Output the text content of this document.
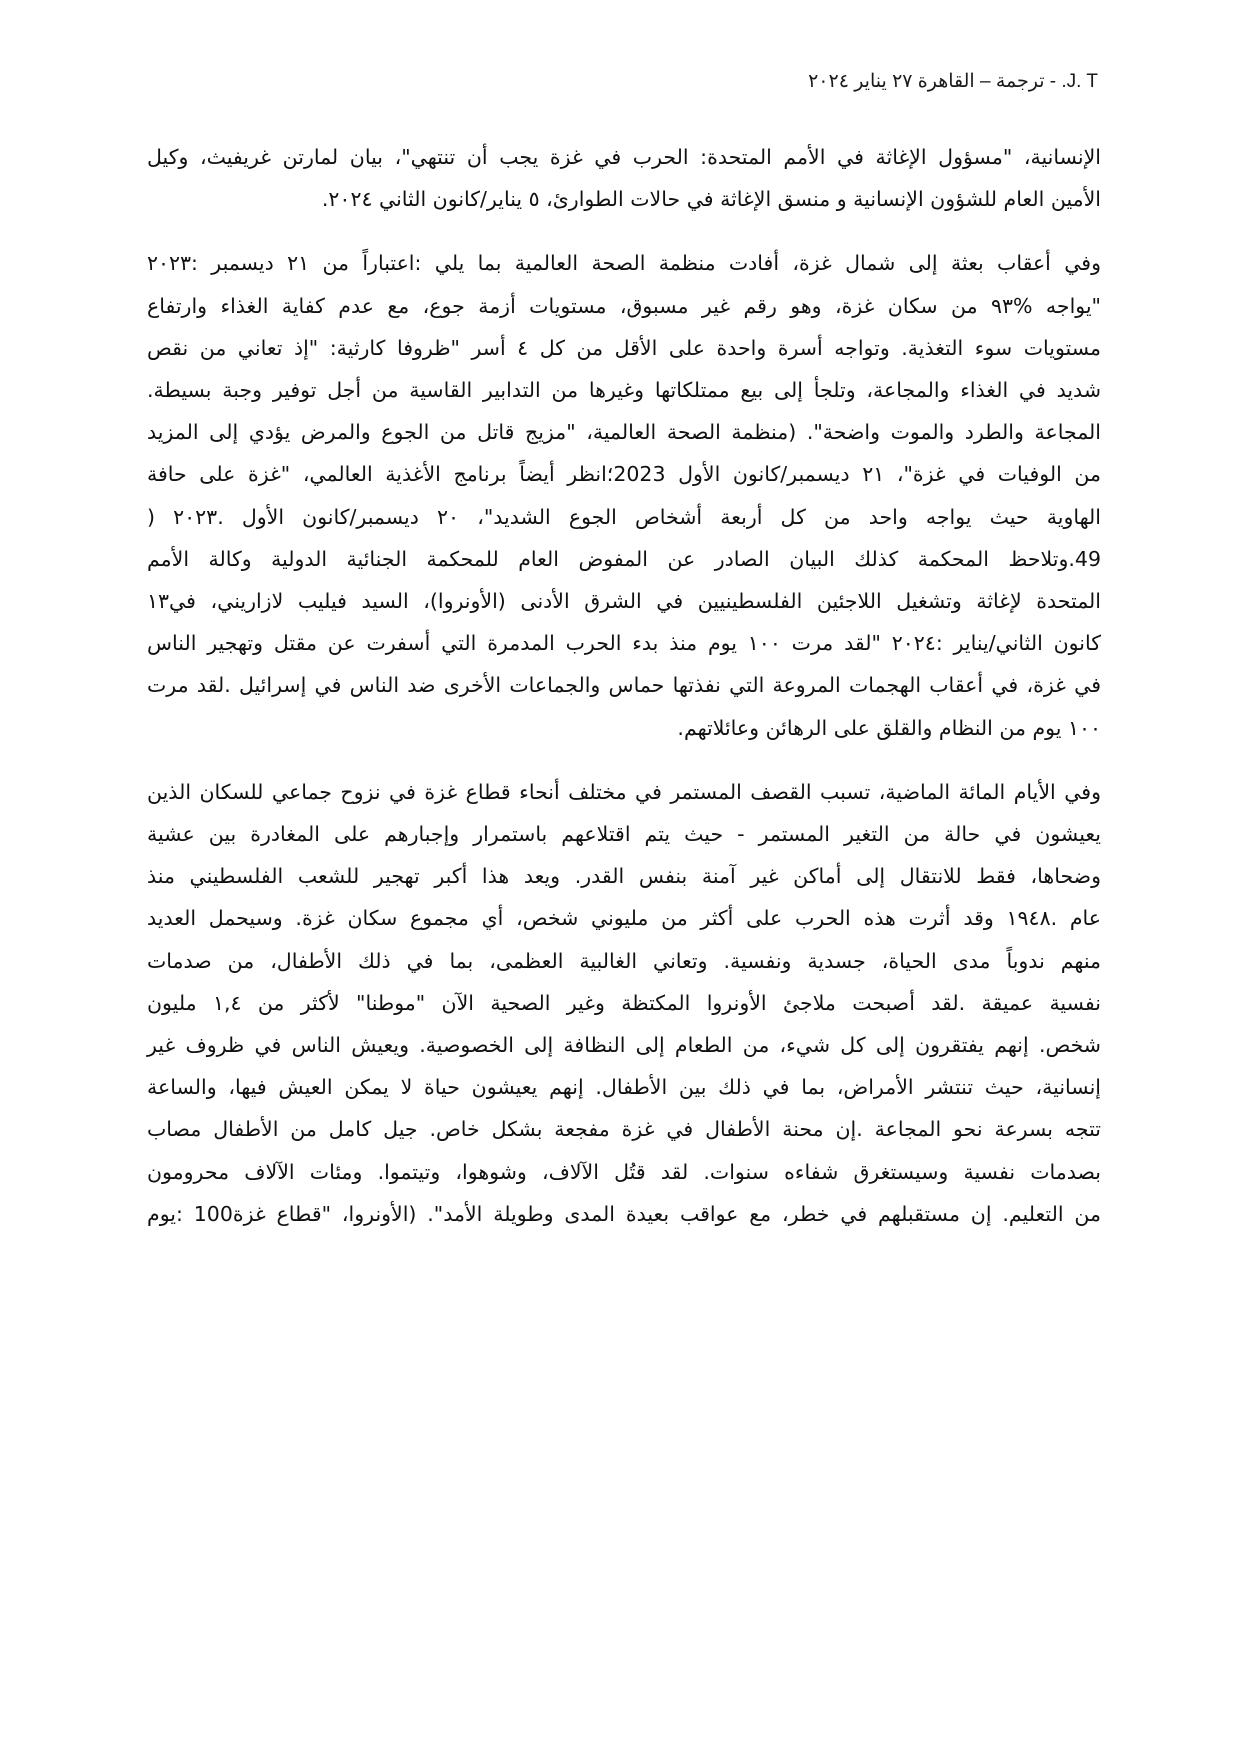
J. T. - ترجمة – القاهرة ٢٧ يناير ٢٠٢٤

الإنسانية، "مسؤول الإغاثة في الأمم المتحدة: الحرب في غزة يجب أن تنتهي"، بيان لمارتن غريفيث، وكيل
الأمين العام للشؤون الإنسانية و منسق الإغاثة في حالات الطوارئ، ٥ يناير/كانون الثاني ٢٠٢٤.

وفي أعقاب بعثة إلى شمال غزة، أفادت منظمة الصحة العالمية بما يلي :اعتباراً من ٢١ ديسمبر :٢٠٢٣
"يواجه %٩٣ من سكان غزة، وهو رقم غير مسبوق، مستويات أزمة جوع، مع عدم كفاية الغذاء وارتفاع
مستويات سوء التغذية. وتواجه أسرة واحدة على الأقل من كل ٤ أسر "ظروفا كارثية: "إذ تعاني من نقص
شديد في الغذاء والمجاعة، وتلجأ إلى بيع ممتلكاتها وغيرها من التدابير القاسية من أجل توفير وجبة بسيطة.
المجاعة والطرد والموت واضحة". (منظمة الصحة العالمية، "مزيج قاتل من الجوع والمرض يؤدي إلى المزيد
من الوفيات في غزة"، ٢١ ديسمبر/كانون الأول 2023؛انظر أيضاً برنامج الأغذية العالمي، "غزة على حافة
الهاوية حيث يواجه واحد من كل أربعة أشخاص الجوع الشديد"، ٢٠ ديسمبر/كانون الأول .٢٠٢٣ (
49.وتلاحظ المحكمة كذلك البيان الصادر عن المفوض العام للمحكمة الجنائية الدولية وكالة الأمم
المتحدة لإغاثة وتشغيل اللاجئين الفلسطينيين في الشرق الأدنى (الأونروا)، السيد فيليب لازاريني، في١٣
كانون الثاني/يناير :٢٠٢٤ "لقد مرت ١٠٠ يوم منذ بدء الحرب المدمرة التي أسفرت عن مقتل وتهجير الناس
في غزة، في أعقاب الهجمات المروعة التي نفذتها حماس والجماعات الأخرى ضد الناس في إسرائيل .لقد مرت
١٠٠ يوم من النظام والقلق على الرهائن وعائلاتهم.

وفي الأيام المائة الماضية، تسبب القصف المستمر في مختلف أنحاء قطاع غزة في نزوح جماعي للسكان الذين
يعيشون في حالة من التغير المستمر - حيث يتم اقتلاعهم باستمرار وإجبارهم على المغادرة بين عشية
وضحاها، فقط للانتقال إلى أماكن غير آمنة بنفس القدر. ويعد هذا أكبر تهجير للشعب الفلسطيني منذ
عام .١٩٤٨ وقد أثرت هذه الحرب على أكثر من مليوني شخص، أي مجموع سكان غزة. وسيحمل العديد
منهم ندوباً مدى الحياة، جسدية ونفسية. وتعاني الغالبية العظمى، بما في ذلك الأطفال، من صدمات
نفسية عميقة .لقد أصبحت ملاجئ الأونروا المكتظة وغير الصحية الآن "موطنا" لأكثر من ١,٤ مليون
شخص. إنهم يفتقرون إلى كل شيء، من الطعام إلى النظافة إلى الخصوصية. ويعيش الناس في ظروف غير
إنسانية، حيث تنتشر الأمراض، بما في ذلك بين الأطفال. إنهم يعيشون حياة لا يمكن العيش فيها، والساعة
تتجه بسرعة نحو المجاعة .إن محنة الأطفال في غزة مفجعة بشكل خاص. جيل كامل من الأطفال مصاب
بصدمات نفسية وسيستغرق شفاءه سنوات. لقد قتُل الآلاف، وشوهوا، وتيتموا. ومئات الآلاف محرومون
من التعليم. إن مستقبلهم في خطر، مع عواقب بعيدة المدى وطويلة الأمد". (الأونروا، "قطاع غزة100 :يوم
